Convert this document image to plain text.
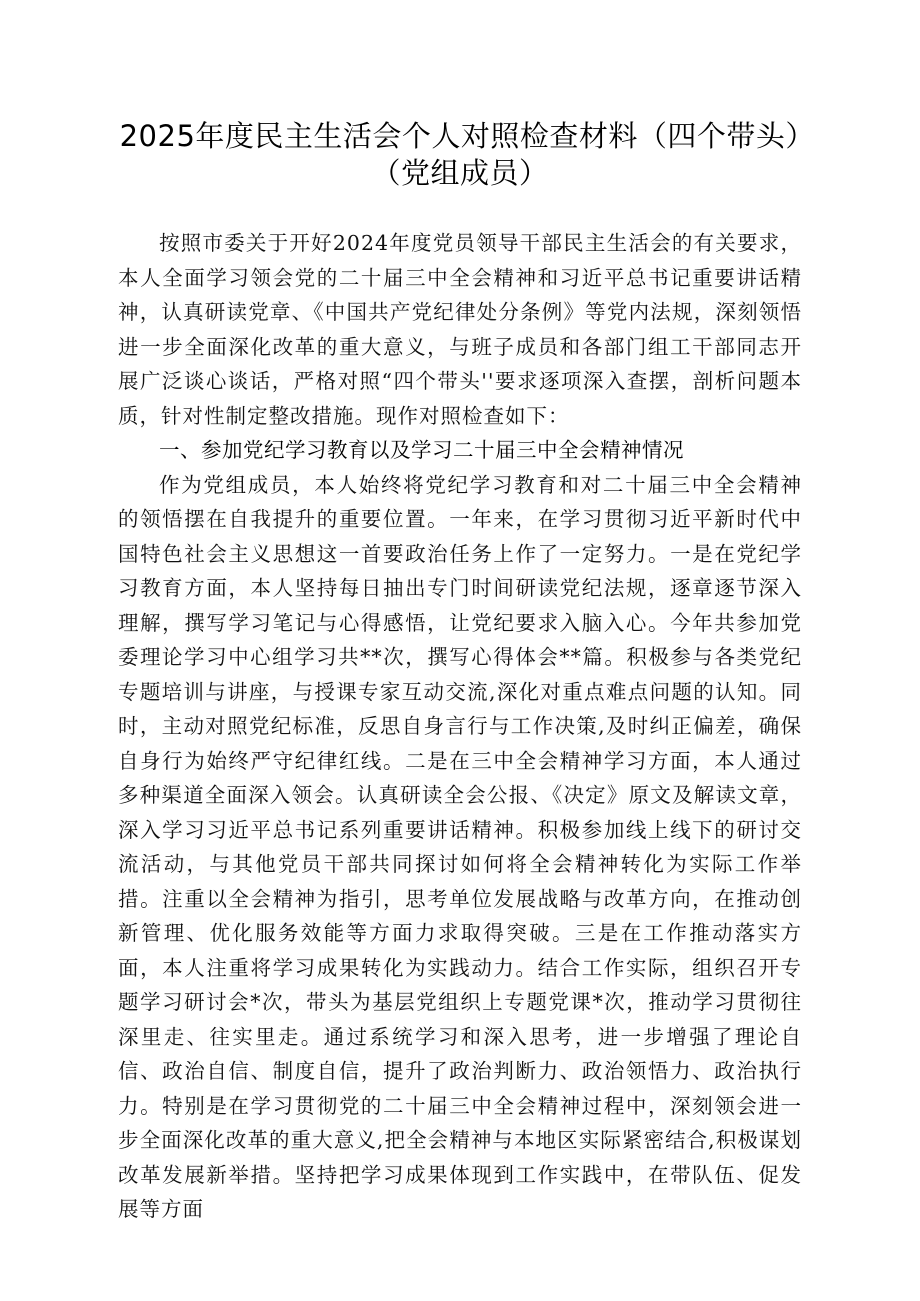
2025年度民主生活会个人对照检查材料（四个带头）（党组成员）

按照市委关于开好2024年度党员领导干部民主生活会的有关要求，本人全面学习领会党的二十届三中全会精神和习近平总书记重要讲话精神，认真研读党章、《中国共产党纪律处分条例》等党内法规，深刻领悟进一步全面深化改革的重大意义，与班子成员和各部门组工干部同志开展广泛谈心谈话，严格对照“四个带头''要求逐项深入查摆，剖析问题本质，针对性制定整改措施。现作对照检查如下：

一、参加党纪学习教育以及学习二十届三中全会精神情况

作为党组成员，本人始终将党纪学习教育和对二十届三中全会精神的领悟摆在自我提升的重要位置。一年来，在学习贯彻习近平新时代中国特色社会主义思想这一首要政治任务上作了一定努力。一是在党纪学习教育方面，本人坚持每日抽出专门时间研读党纪法规，逐章逐节深入理解，撰写学习笔记与心得感悟，让党纪要求入脑入心。今年共参加党委理论学习中心组学习共**次，撰写心得体会**篇。积极参与各类党纪专题培训与讲座，与授课专家互动交流,深化对重点难点问题的认知。同时，主动对照党纪标准，反思自身言行与工作决策,及时纠正偏差，确保自身行为始终严守纪律红线。二是在三中全会精神学习方面，本人通过多种渠道全面深入领会。认真研读全会公报、《决定》原文及解读文章，深入学习习近平总书记系列重要讲话精神。积极参加线上线下的研讨交流活动，与其他党员干部共同探讨如何将全会精神转化为实际工作举措。注重以全会精神为指引，思考单位发展战略与改革方向，在推动创新管理、优化服务效能等方面力求取得突破。三是在工作推动落实方面，本人注重将学习成果转化为实践动力。结合工作实际，组织召开专题学习研讨会*次，带头为基层党组织上专题党课*次，推动学习贯彻往深里走、往实里走。通过系统学习和深入思考，进一步增强了理论自信、政治自信、制度自信，提升了政治判断力、政治领悟力、政治执行力。特别是在学习贯彻党的二十届三中全会精神过程中，深刻领会进一步全面深化改革的重大意义,把全会精神与本地区实际紧密结合,积极谋划改革发展新举措。坚持把学习成果体现到工作实践中，在带队伍、促发展等方面
